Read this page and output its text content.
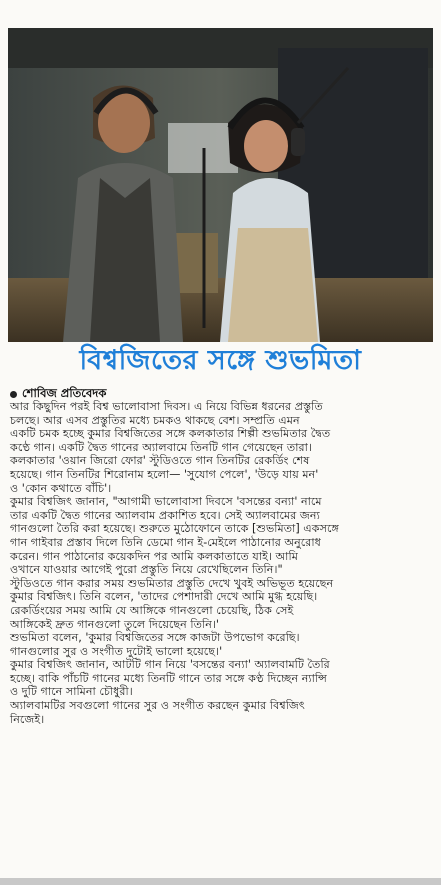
বিশ্বজিতের সঙ্গে শুভমিতা
শোবিজ প্রতিবেদক

আর কিছুদিন পরই বিশ্ব ভালোবাসা দিবস। এ নিয়ে বিভিন্ন ধরনের প্রস্তুতি
চলছে। আর এসব প্রস্তুতির মধ্যে চমকও থাকছে বেশ। সম্প্রতি এমন
একটি চমক হচ্ছে কুমার বিশ্বজিতের সঙ্গে কলকাতার শিল্পী শুভমিতার দ্বৈত
কণ্ঠে গান। একটি দ্বৈত গানের অ্যালবামে তিনটি গান গেয়েছেন তারা।
কলকাতার 'ওয়ান জিরো ফোর' স্টুডিওতে গান তিনটির রেকর্ডিং শেষ
হয়েছে। গান তিনটির শিরোনাম হলো— 'সুযোগ পেলে', 'উড়ে যায় মন'
ও 'কোন কথাতে বাঁচি'।

কুমার বিশ্বজিৎ জানান, "আগামী ভালোবাসা দিবসে 'বসন্তের বন্যা' নামে
তার একটি দ্বৈত গানের অ্যালবাম প্রকাশিত হবে। সেই অ্যালবামের জন্য
গানগুলো তৈরি করা হয়েছে। শুরুতে মুঠোফোনে তাকে [শুভমিতা] একসঙ্গে
গান গাইবার প্রস্তাব দিলে তিনি ডেমো গান ই-মেইলে পাঠানোর অনুরোধ
করেন। গান পাঠানোর কয়েকদিন পর আমি কলকাতাতে যাই। আমি
ওখানে যাওয়ার আগেই পুরো প্রস্তুতি নিয়ে রেখেছিলেন তিনি।"

স্টুডিওতে গান করার সময় শুভমিতার প্রস্তুতি দেখে খুবই অভিভূত হয়েছেন
কুমার বিশ্বজিৎ। তিনি বলেন, 'তাদের পেশাদারী দেখে আমি মুগ্ধ হয়েছি।
রেকর্ডিংয়ের সময় আমি যে আঙ্গিকে গানগুলো চেয়েছি, ঠিক সেই
আঙ্গিকেই দ্রুত গানগুলো তুলে দিয়েছেন তিনি।'

শুভমিতা বলেন, 'কুমার বিশ্বজিতের সঙ্গে কাজটা উপভোগ করেছি।
গানগুলোর সুর ও সংগীত দুটোই ভালো হয়েছে।'

কুমার বিশ্বজিৎ জানান, আটটি গান নিয়ে 'বসন্তের বন্যা' অ্যালবামটি তৈরি
হচ্ছে। বাকি পাঁচটি গানের মধ্যে তিনটি গানে তার সঙ্গে কণ্ঠ দিচ্ছেন ন্যান্সি
ও দুটি গানে সামিনা চৌধুরী।

অ্যালবামটির সবগুলো গানের সুর ও সংগীত করছেন কুমার বিশ্বজিৎ
নিজেই।
